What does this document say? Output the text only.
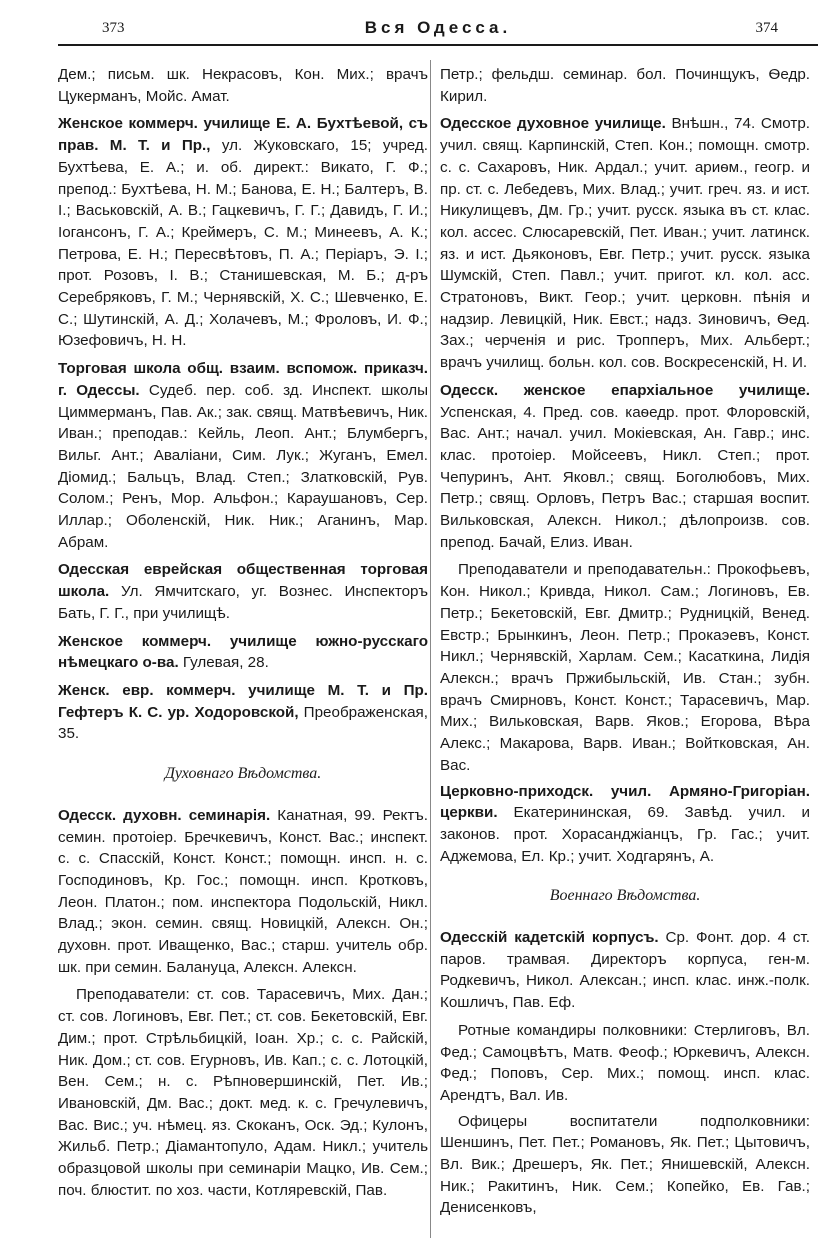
373	Вся Одесса.	374
Дем.; письм. шк. Некрасовъ, Кон. Мих.; врачъ Цукерманъ, Мойс. Амат.
Женское коммерч. училище Е. А. Бухтѣевой, съ прав. М. Т. и Пр., ул. Жуковскаго, 15; учред. Бухтѣева, Е. А.; и. об. директ.: Викато, Г. Ф.; препод.: Бухтѣева, Н. М.; Банова, Е. Н.; Балтеръ, В. І.; Васьковскій, А. В.; Гацкевичъ, Г. Г.; Давидъ, Г. И.; Іогансонъ, Г. А.; Креймеръ, С. М.; Минеевъ, А. К.; Петрова, Е. Н.; Пересвѣтовъ, П. А.; Періаръ, Э. І.; прот. Розовъ, І. В.; Станишевская, М. Б.; д-ръ Серебряковъ, Г. М.; Чернявскій, Х. С.; Шевченко, Е. С.; Шутинскій, А. Д.; Холачевъ, М.; Фроловъ, И. Ф.; Юзефовичъ, Н. Н.
Торговая школа общ. взаим. вспомож. приказч. г. Одессы. Судеб. пер. соб. зд. Инспект. школы Циммерманъ, Пав. Ак.; зак. свящ. Матвѣевичъ, Ник. Иван.; преподав.: Кейль, Леоп. Ант.; Блумбергъ, Вильг. Ант.; Аваліани, Сим. Лук.; Жуганъ, Емел. Діомид.; Бальцъ, Влад. Степ.; Златковскій, Рув. Солом.; Ренъ, Мор. Альфон.; Караушановъ, Сер. Иллар.; Оболенскій, Ник. Ник.; Аганинъ, Мар. Абрам.
Одесская еврейская общественная торговая школа. Ул. Ямчитскаго, уг. Вознес. Инспекторъ Бать, Г. Г., при училищѣ.
Женское коммерч. училище южно-русскаго нѣмецкаго о-ва. Гулевая, 28.
Женск. евр. коммерч. училище М. Т. и Пр. Гефтеръ К. С. ур. Ходоровской, Преображенская, 35.
Духовнаго Вѣдомства.
Одесск. духовн. семинарія. Канатная, 99. Ректъ. семин. протоіер. Бречкевичъ, Конст. Вас.; инспект. с. с. Спасскій, Конст. Конст.; помощн. инсп. н. с. Господиновъ, Кр. Гос.; помощн. инсп. Кротковъ, Леон. Платон.; пом. инспектора Подольскій, Никл. Влад.; экон. семин. свящ. Новицкій, Алексн. Он.; духовн. прот. Иващенко, Вас.; старш. учитель обр. шк. при семин. Балануца, Алексн. Алексн.
Преподаватели: ст. сов. Тарасевичъ, Мих. Дан.; ст. сов. Логиновъ, Евг. Пет.; ст. сов. Бекетовскій, Евг. Дим.; прот. Стрѣльбицкій, Іоан. Хр.; с. с. Райскій, Ник. Дом.; ст. сов. Егурновъ, Ив. Кап.; с. с. Лотоцкій, Вен. Сем.; н. с. Рѣпновершинскій, Пет. Ив.; Ивановскій, Дм. Вас.; докт. мед. к. с. Гречулевичъ, Вас. Вис.; уч. нѣмец. яз. Скоканъ, Оск. Эд.; Кулонъ, Жильб. Петр.; Діамантопуло, Адам. Никл.; учитель образцовой школы при семинаріи Мацко, Ив. Сем.; поч. блюстит. по хоз. части, Котляревскій, Пав.
Петр.; фельдш. семинар. бол. Починщукъ, Ѳедр. Кирил.
Одесское духовное училище. Внѣшн., 74. Смотр. учил. свящ. Карпинскій, Степ. Кон.; помощн. смотр. с. с. Сахаровъ, Ник. Ардал.; учит. ариѳм., геогр. и пр. ст. с. Лебедевъ, Мих. Влад.; учит. греч. яз. и ист. Никулищевъ, Дм. Гр.; учит. русск. языка въ ст. клас. кол. ассес. Слюсаревскій, Пет. Иван.; учит. латинск. яз. и ист. Дьяконовъ, Евг. Петр.; учит. русск. языка Шумскій, Степ. Павл.; учит. пригот. кл. кол. асс. Стратоновъ, Викт. Геор.; учит. церковн. пѣнія и надзир. Левицкій, Ник. Евст.; надз. Зиновичъ, Ѳед. Зах.; черченія и рис. Тропперъ, Мих. Альберт.; врачъ училищ. больн. кол. сов. Воскресенскій, Н. И.
Одесск. женское епархіальное училище. Успенская, 4. Пред. сов. каѳедр. прот. Флоровскій, Вас. Ант.; начал. учил. Мокіевская, Ан. Гавр.; инс. клас. протоіер. Мойсеевъ, Никл. Степ.; прот. Чепуринъ, Ант. Яковл.; свящ. Боголюбовъ, Мих. Петр.; свящ. Орловъ, Петръ Вас.; старшая воспит. Вильковская, Алексн. Никол.; дѣлопроизв. сов. препод. Бачай, Елиз. Иван.
Преподаватели и преподавательн.: Прокофьевъ, Кон. Никол.; Кривда, Никол. Сам.; Логиновъ, Ев. Петр.; Бекетовскій, Евг. Дмитр.; Рудницкій, Венед. Евстр.; Брынкинъ, Леон. Петр.; Прокаэевъ, Конст. Никл.; Чернявскій, Харлам. Сем.; Касаткина, Лидія Алексн.; врачъ Пржибыльскій, Ив. Стан.; зубн. врачъ Смирновъ, Конст. Конст.; Тарасевичъ, Мар. Мих.; Вильковская, Варв. Яков.; Егорова, Вѣра Алекс.; Макарова, Варв. Иван.; Войтковская, Ан. Вас.
Церковно-приходск. учил. Армяно-Григоріан. церкви. Екатерининская, 69. Завѣд. учил. и законов. прот. Хорасанджіанцъ, Гр. Гас.; учит. Аджемова, Ел. Кр.; учит. Ходгарянъ, А.
Военнаго Вѣдомства.
Одесскій кадетскій корпусъ. Ср. Фонт. дор. 4 ст. паров. трамвая. Директоръ корпуса, ген-м. Родкевичъ, Никол. Алексан.; инсп. клас. инж.-полк. Кошличъ, Пав. Еф.
Ротные командиры полковники: Стерлиговъ, Вл. Фед.; Самоцвѣтъ, Матв. Феоф.; Юркевичъ, Алексн. Фед.; Поповъ, Сер. Мих.; помощ. инсп. клас. Арендтъ, Вал. Ив.
Офицеры воспитатели подполковники: Шеншинъ, Пет. Пет.; Романовъ, Як. Пет.; Цытовичъ, Вл. Вик.; Дрешеръ, Як. Пет.; Янишевскій, Алексн. Ник.; Ракитинъ, Ник. Сем.; Копейко, Ев. Гав.; Денисенковъ,
